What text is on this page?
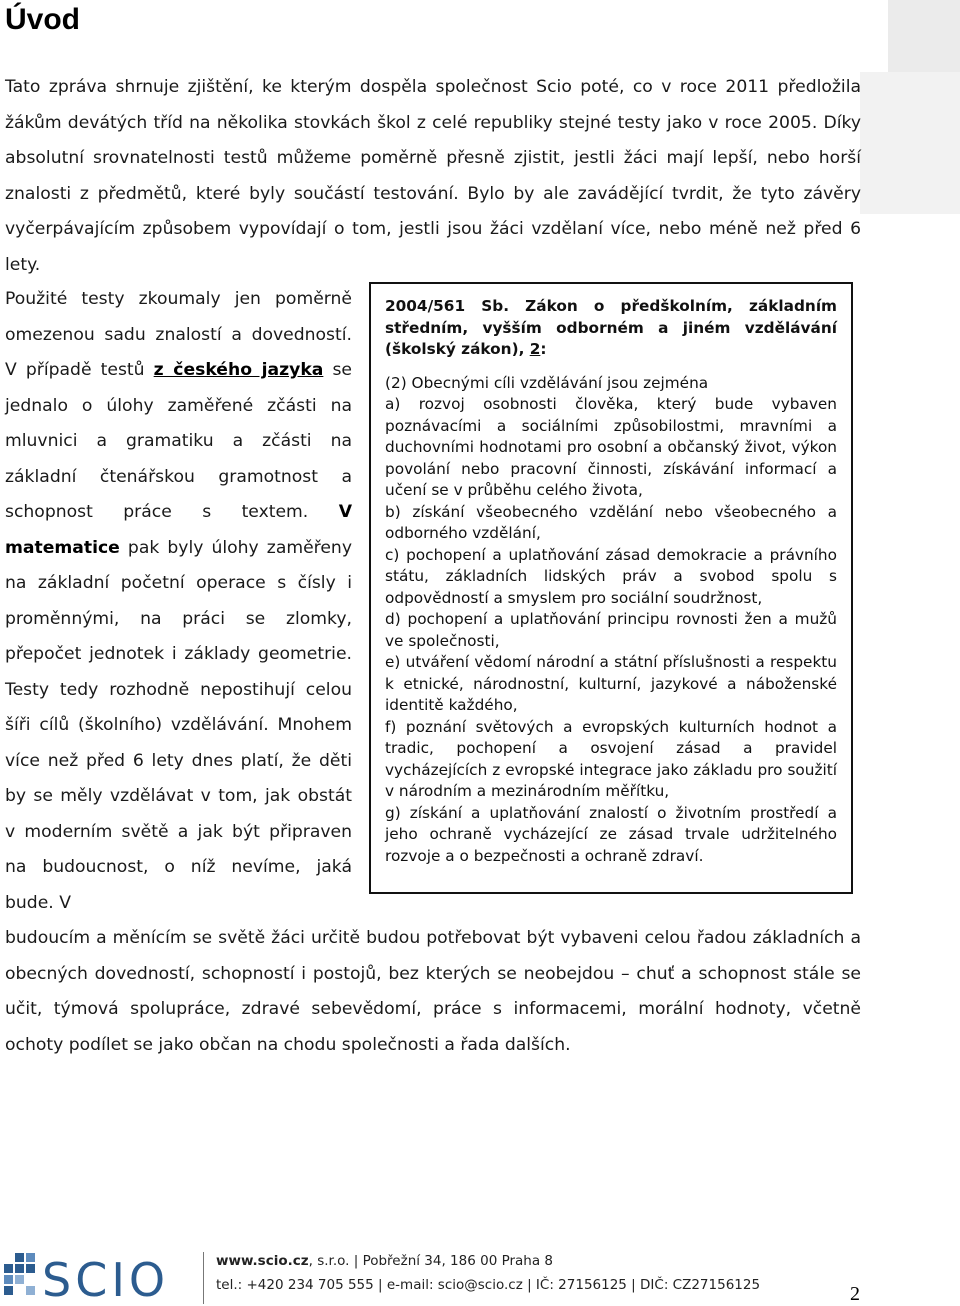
Úvod

Tato zpráva shrnuje zjištění, ke kterým dospěla společnost Scio poté, co v roce 2011 předložila žákům devátých tříd na několika stovkách škol z celé republiky stejné testy jako v roce 2005. Díky absolutní srovnatelnosti testů můžeme poměrně přesně zjistit, jestli žáci mají lepší, nebo horší znalosti z předmětů, které byly součástí testování. Bylo by ale zavádějící tvrdit, že tyto závěry vyčerpávajícím způsobem vypovídají o tom, jestli jsou žáci vzdělaní více, nebo méně než před 6 lety.

Použité testy zkoumaly jen poměrně omezenou sadu znalostí a dovedností. V případě testů z českého jazyka se jednalo o úlohy zaměřené zčásti na mluvnici a gramatiku a zčásti na základní čtenářskou gramotnost a schopnost práce s textem. V matematice pak byly úlohy zaměřeny na základní početní operace s čísly i proměnnými, na práci se zlomky, přepočet jednotek i základy geometrie. Testy tedy rozhodně nepostihují celou šíři cílů (školního) vzdělávání. Mnohem více než před 6 lety dnes platí, že děti by se měly vzdělávat v tom, jak obstát v moderním světě a jak být připraven na budoucnost, o níž nevíme, jaká bude. V

2004/561 Sb. Zákon o předškolním, základním středním, vyšším odborném a jiném vzdělávání (školský zákon), 2:

(2) Obecnými cíli vzdělávání jsou zejména

a) rozvoj osobnosti člověka, který bude vybaven poznávacími a sociálními způsobilostmi, mravními a duchovními hodnotami pro osobní a občanský život, výkon povolání nebo pracovní činnosti, získávání informací a učení se v průběhu celého života,

b) získání všeobecného vzdělání nebo všeobecného a odborného vzdělání,

c) pochopení a uplatňování zásad demokracie a právního státu, základních lidských práv a svobod spolu s odpovědností a smyslem pro sociální soudržnost,

d) pochopení a uplatňování principu rovnosti žen a mužů ve společnosti,

e) utváření vědomí národní a státní příslušnosti a respektu k etnické, národnostní, kulturní, jazykové a náboženské identitě každého,

f) poznání světových a evropských kulturních hodnot a tradic, pochopení a osvojení zásad a pravidel vycházejících z evropské integrace jako základu pro soužití v národním a mezinárodním měřítku,

g) získání a uplatňování znalostí o životním prostředí a jeho ochraně vycházející ze zásad trvale udržitelného rozvoje a o bezpečnosti a ochraně zdraví.

budoucím a měnícím se světě žáci určitě budou potřebovat být vybaveni celou řadou základních a obecných dovedností, schopností i postojů, bez kterých se neobejdou – chuť a schopnost stále se učit, týmová spolupráce, zdravé sebevědomí, práce s informacemi, morální hodnoty, včetně ochoty podílet se jako občan na chodu společnosti a řada dalších.

SCIO	www.scio.cz, s.r.o. | Pobřežní 34, 186 00 Praha 8
tel.: +420 234 705 555 | e-mail: scio@scio.cz | IČ: 27156125 | DIČ: CZ27156125	2
